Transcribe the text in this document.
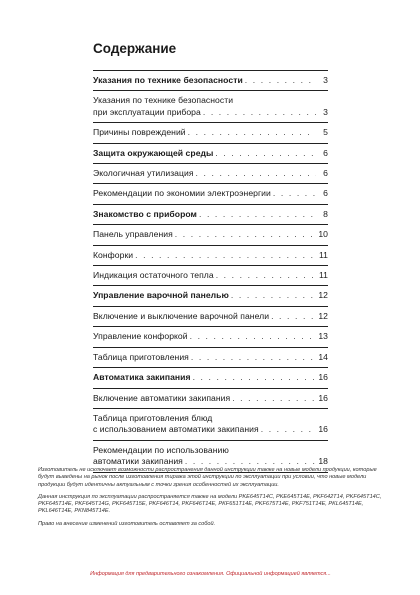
Содержание
Указания по технике безопасности . . .	3
Указания по технике безопасности
при эксплуатации прибора . . .	3
Причины повреждений . . .	5
Защита окружающей среды . . .	6
Экологичная утилизация . . .	6
Рекомендации по экономии электроэнергии . . .	6
Знакомство с прибором . . .	8
Панель управления . . .	10
Конфорки . . .	11
Индикация остаточного тепла . . .	11
Управление варочной панелью . . .	12
Включение и выключение варочной панели . . .	12
Управление конфоркой . . .	13
Таблица приготовления . . .	14
Автоматика закипания . . .	16
Включение автоматики закипания . . .	16
Таблица приготовления блюд
с использованием автоматики закипания . . .	16
Рекомендации по использованию
автоматики закипания . . .	18

Изготовитель не исключает возможности распространения данной инструкции также на новые модели продукции, которые будут выведены на рынок после изготовления тиража этой инструкции по эксплуатации при условии, что новые модели продукции будут идентичны актуальным с точки зрения особенностей их эксплуатации.

Данная инструкция по эксплуатации распространяется также на модели PKE645T14C, PKE645T14E, PKF642T14, PKF645T14C, PKF645T14E, PKF645T14G, PKF645T15E, PKF646T14, PKF646T14E, PKF651T14E, PKF675T14E, PKF751T14E, PKL645T14E, PKL646T14E, PKN845T14E.

Право на внесение изменений изготовитель оставляет за собой.

Информация для предварительного ознакомления. Официальной информацией является...
